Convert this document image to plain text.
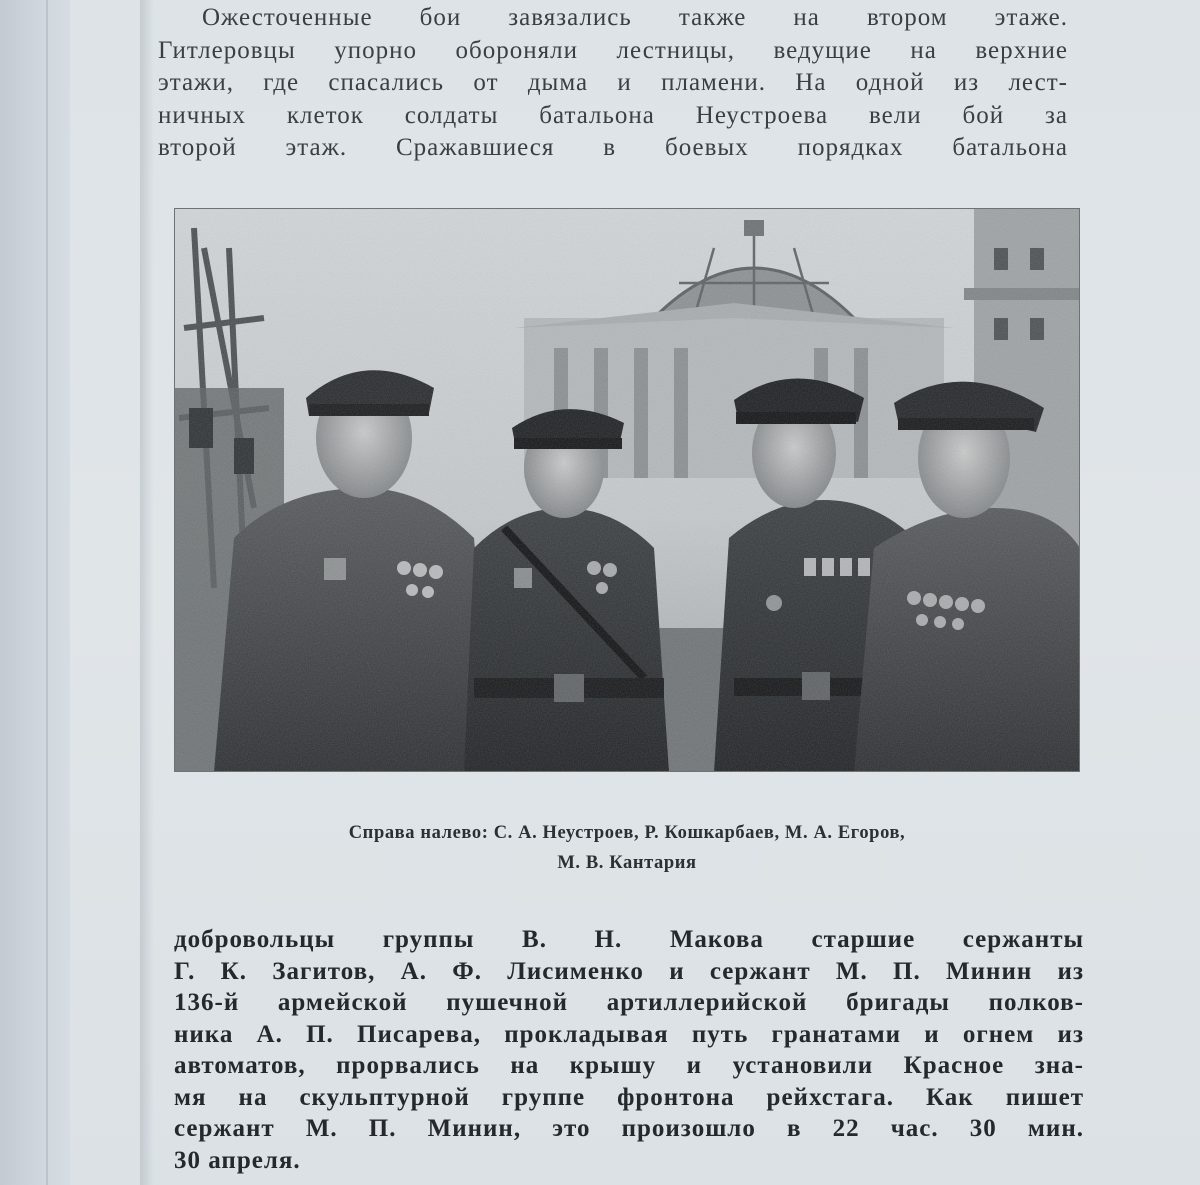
Ожесточенные бои завязались также на втором этаже.
Гитлеровцы упорно обороняли лестницы, ведущие на верхние
этажи, где спасались от дыма и пламени. На одной из лест-
ничных клеток солдаты батальона Неустроева вели бой за
второй этаж. Сражавшиеся в боевых порядках батальона
Справа налево: С. А. Неустроев, Р. Кошкарбаев, М. А. Егоров,
М. В. Кантария
добровольцы группы В. Н. Макова старшие сержанты
Г. К. Загитов, А. Ф. Лисименко и сержант М. П. Минин из
136-й армейской пушечной артиллерийской бригады полков-
ника А. П. Писарева, прокладывая путь гранатами и огнем из
автоматов, прорвались на крышу и установили Красное зна-
мя на скульптурной группе фронтона рейхстага. Как пишет
сержант М. П. Минин, это произошло в 22 час. 30 мин.
30 апреля.
